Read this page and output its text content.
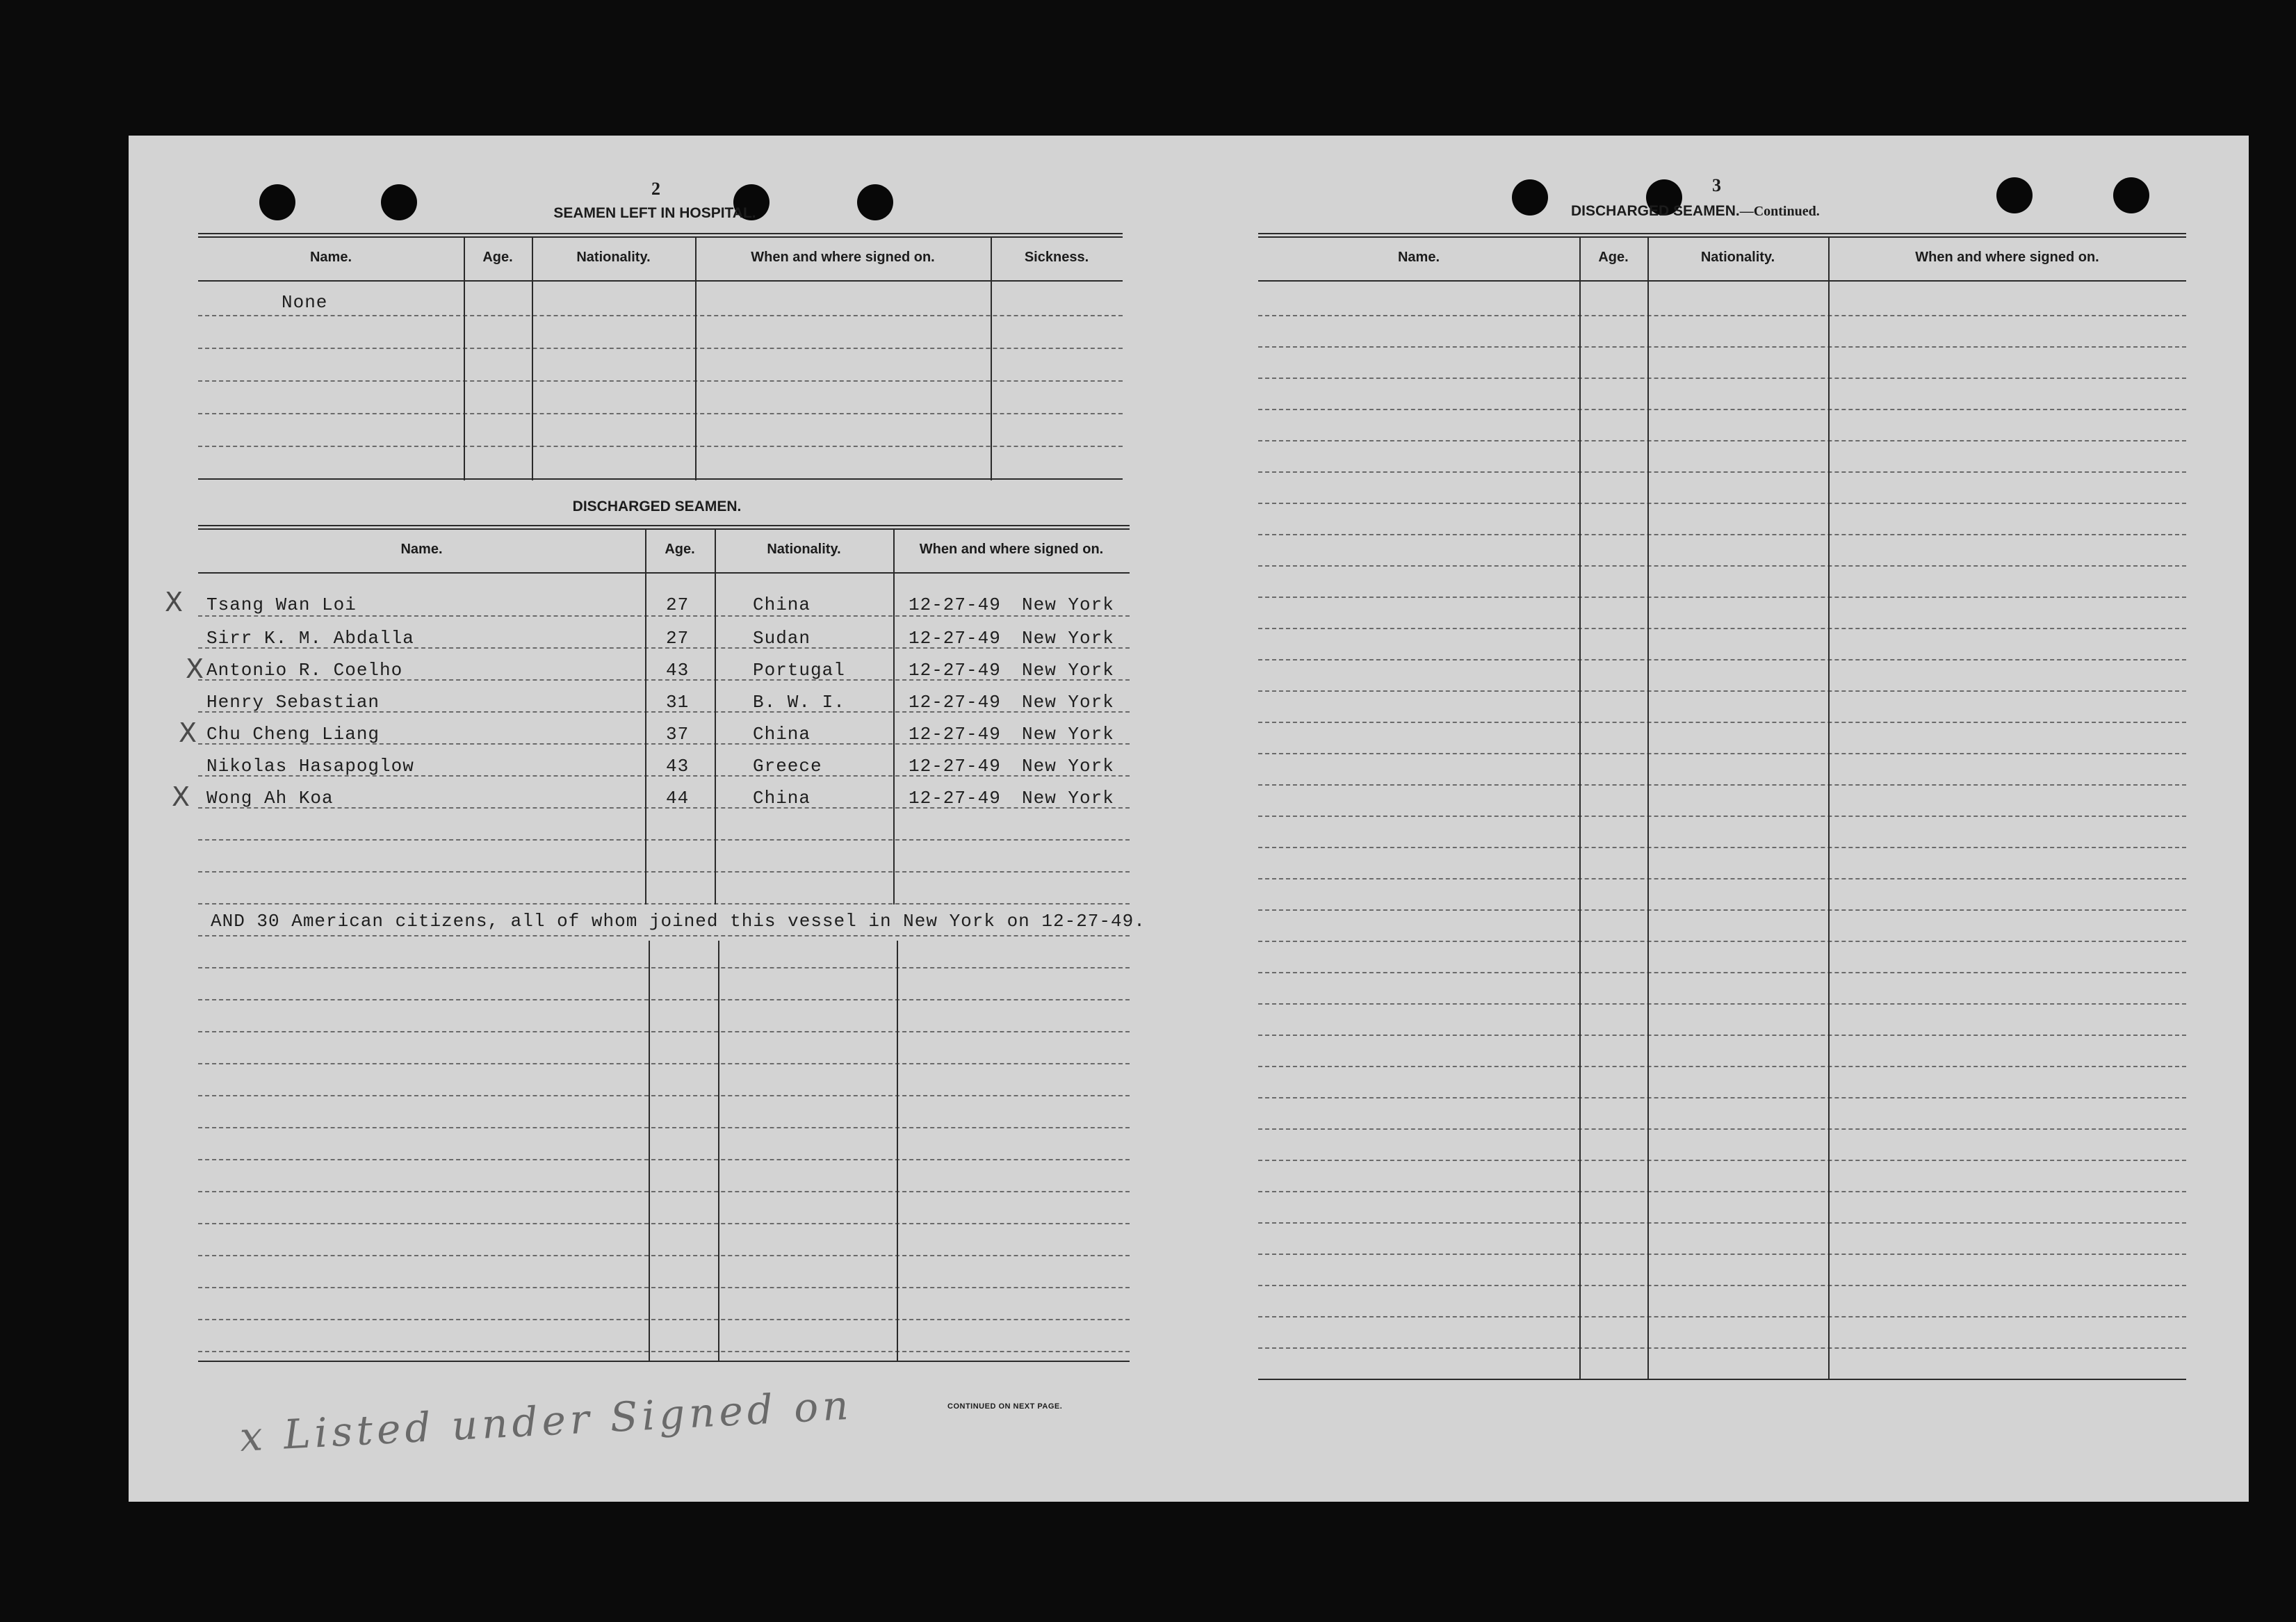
2
SEAMEN LEFT IN HOSPITAL.
Name.	Age.	Nationality.	When and where signed on.	Sickness.
None
DISCHARGED SEAMEN.
Name.	Age.	Nationality.	When and where signed on.
X Tsang Wan Loi	27	China	12-27-49 New York
Sirr K. M. Abdalla	27	Sudan	12-27-49 New York
X Antonio R. Coelho	43	Portugal	12-27-49 New York
Henry Sebastian	31	B. W. I.	12-27-49 New York
X Chu Cheng Liang	37	China	12-27-49 New York
Nikolas Hasapoglow	43	Greece	12-27-49 New York
X Wong Ah Koa	44	China	12-27-49 New York
AND 30 American citizens, all of whom joined this vessel in New York on 12-27-49.
CONTINUED ON NEXT PAGE.
x Listed under Signed on
3
DISCHARGED SEAMEN.—Continued.
Name.	Age.	Nationality.	When and where signed on.
